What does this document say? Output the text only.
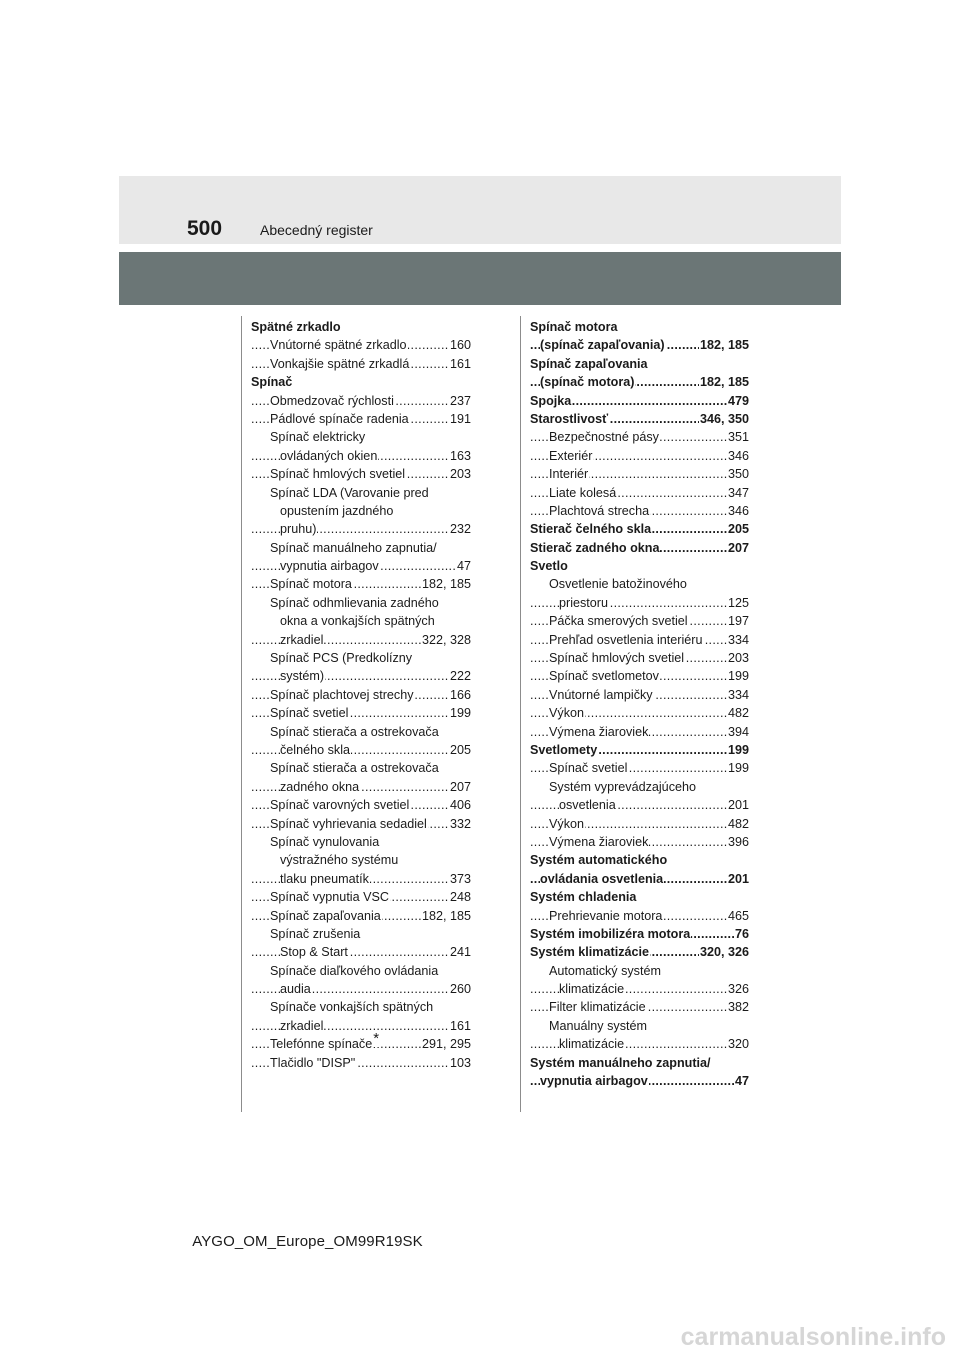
500	Abecedný register
Spätné zrkadlo
..... Vnútorné spätné zrkadlo	160
..... Vonkajšie spätné zrkadlá	161
Spínač
..... Obmedzovač rýchlosti	237
..... Pádlové spínače radenia	191
Spínač elektricky
..... ovládaných okien	163
..... Spínač hmlových svetiel	203
Spínač LDA (Varovanie pred
opustením jazdného
..... pruhu)	232
Spínač manuálneho zapnutia/
..... vypnutia airbagov	47
..... Spínač motora	182, 185
Spínač odhmlievania zadného
okna a vonkajších spätných
..... zrkadiel	322, 328
Spínač PCS (Predkolízny
..... systém)	222
..... Spínač plachtovej strechy	166
..... Spínač svetiel	199
Spínač stierača a ostrekovača
..... čelného skla	205
Spínač stierača a ostrekovača
..... zadného okna	207
..... Spínač varovných svetiel	406
..... Spínač vyhrievania sedadiel 332
Spínač vynulovania
výstražného systému
..... tlaku pneumatík	373
..... Spínač vypnutia VSC	248
..... Spínač zapaľovania	182, 185
Spínač zrušenia
..... Stop & Start	241
Spínače diaľkového ovládania
..... audia	260
Spínače vonkajších spätných
..... zrkadiel	161
..... Telefónne spínače*	291, 295
..... Tlačidlo "DISP"	103
Spínač motora
..... (spínač zapaľovania)	182, 185
Spínač zapaľovania
..... (spínač motora)	182, 185
..... Spojka	479
..... Starostlivosť	346, 350
..... Bezpečnostné pásy	351
..... Exteriér	346
..... Interiér	350
..... Liate kolesá	347
..... Plachtová strecha	346
..... Stierač čelného skla	205
..... Stierač zadného okna	207
Svetlo
Osvetlenie batožinového
..... priestoru	125
..... Páčka smerových svetiel	197
..... Prehľad osvetlenia interiéru 334
..... Spínač hmlových svetiel	203
..... Spínač svetlometov	199
..... Vnútorné lampičky	334
..... Výkon	482
..... Výmena žiaroviek	394
..... Svetlomety	199
..... Spínač svetiel	199
Systém vyprevádzajúceho
..... osvetlenia	201
..... Výkon	482
..... Výmena žiaroviek	396
Systém automatického
..... ovládania osvetlenia	201
Systém chladenia
..... Prehrievanie motora	465
..... Systém imobilizéra motora	76
..... Systém klimatizácie	320, 326
Automatický systém
..... klimatizácie	326
..... Filter klimatizácie	382
Manuálny systém
..... klimatizácie	320
Systém manuálneho zapnutia/
..... vypnutia airbagov	47
AYGO_OM_Europe_OM99R19SK
carmanualsonline.info
